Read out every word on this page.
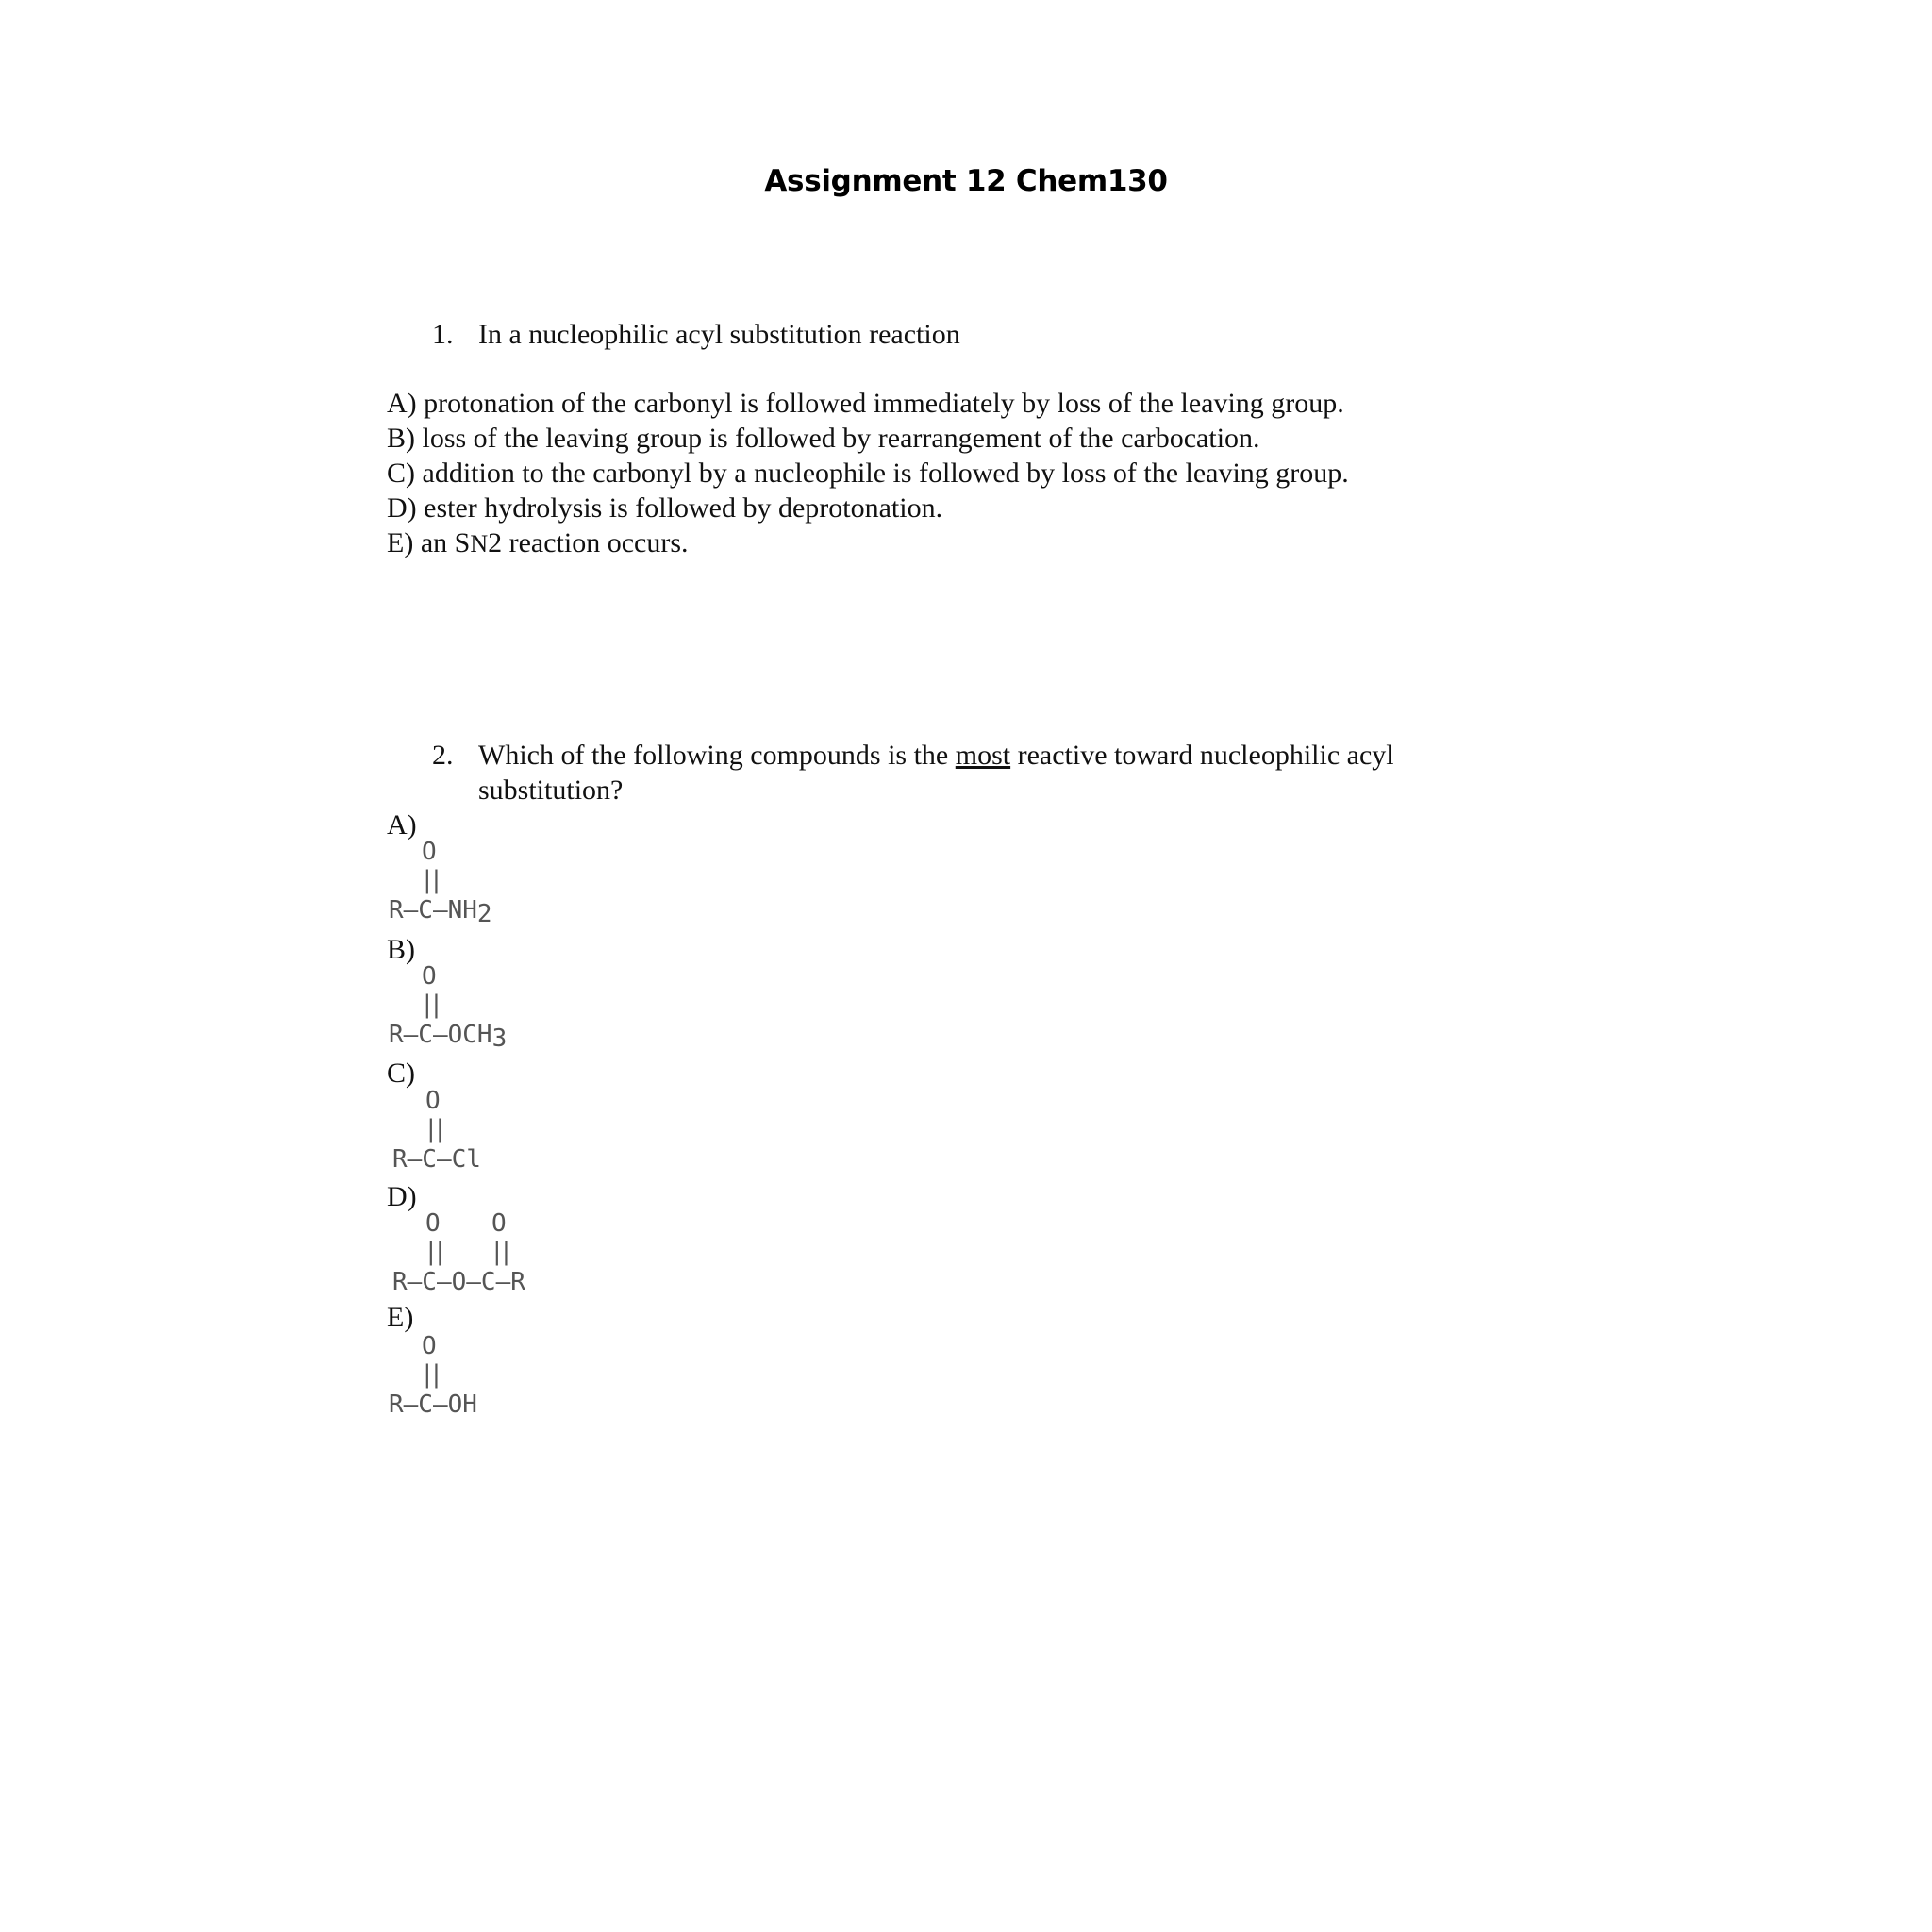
Assignment 12 Chem130
1. In a nucleophilic acyl substitution reaction
A) protonation of the carbonyl is followed immediately by loss of the leaving group.
B) loss of the leaving group is followed by rearrangement of the carbocation.
C) addition to the carbonyl by a nucleophile is followed by loss of the leaving group.
D) ester hydrolysis is followed by deprotonation.
E) an SN2 reaction occurs.
2. Which of the following compounds is the most reactive toward nucleophilic acyl substitution?
A)

O

||

$R-C-NH_2$

B)

O

||

$R-C-OCH_3$

C)

O

||

R–C–Cl

D)

O

O

||

||

R–C–O–C–R

E)

O

||

R–C–OH
